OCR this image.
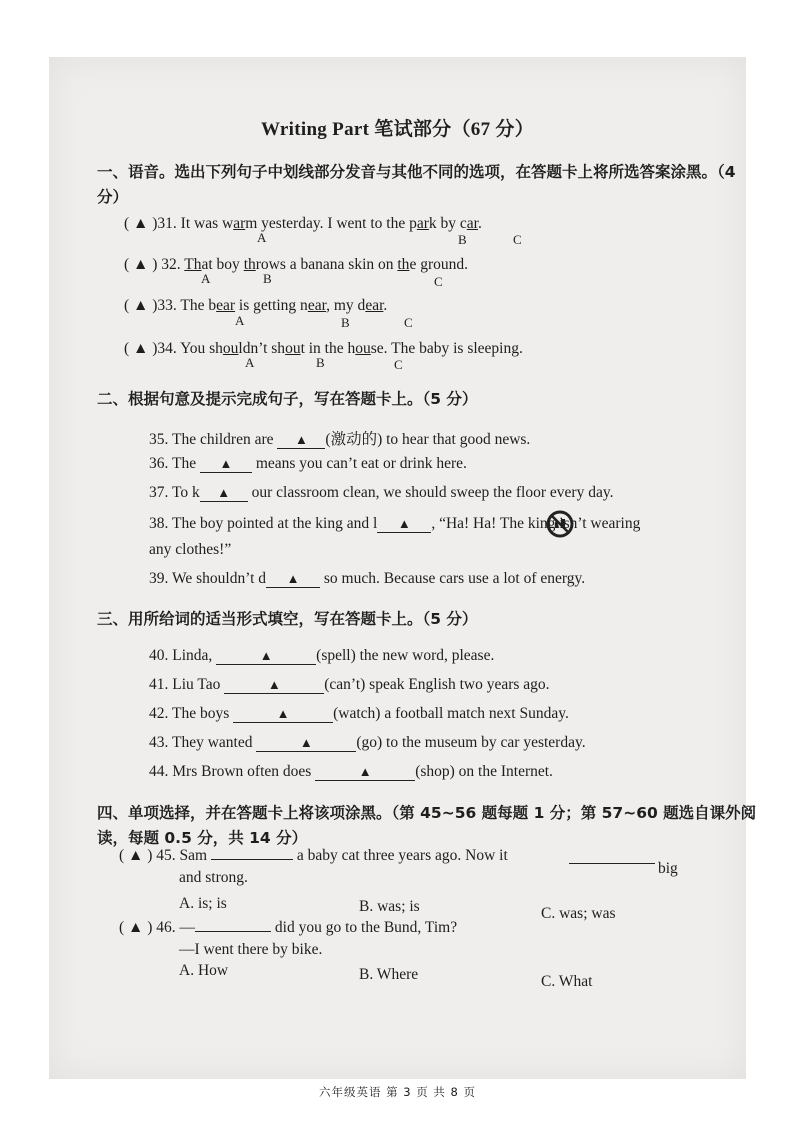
Writing Part 笔试部分（67 分）
一、语音。选出下列句子中划线部分发音与其他不同的选项，在答题卡上将所选答案涂黑。（4 分）
( ▲ )31. It was warm yesterday. I went to the park by car.
A	B	C
( ▲ ) 32. That boy throws a banana skin on the ground.
A	B	C
( ▲ )33. The bear is getting near, my dear.
A	B	C
( ▲ )34. You shouldn’t shout in the house. The baby is sleeping.
A	B	C
二、根据句意及提示完成句子，写在答题卡上。（5 分）
35. The children are ▲ (激动的) to hear that good news.
36. The ▲ means you can’t eat or drink here.
37. To k ▲ our classroom clean, we should sweep the floor every day.
38. The boy pointed at the king and l ▲ , “Ha! Ha! The king isn’t wearing
any clothes!”
39. We shouldn’t d ▲ so much. Because cars use a lot of energy.
三、用所给词的适当形式填空，写在答题卡上。（5 分）
40. Linda,	▲	(spell) the new word, please.
41. Liu Tao	▲	(can’t) speak English two years ago.
42. The boys	▲	(watch) a football match next Sunday.
43. They wanted	▲	(go) to the museum by car yesterday.
44. Mrs Brown often does	▲	(shop) on the Internet.
四、单项选择，并在答题卡上将该项涂黑。（第 45~56 题每题 1 分；第 57~60 题选自课外阅读，每题 0.5 分，共 14 分）
( ▲ ) 45. Sam	a baby cat three years ago. Now it
big
and strong.
A. is; is	B. was; is	C. was; was
( ▲ ) 46. —	did you go to the Bund, Tim?
—I went there by bike.
A. How	B. Where	C. What
六年级英语 第 3 页 共 8 页
